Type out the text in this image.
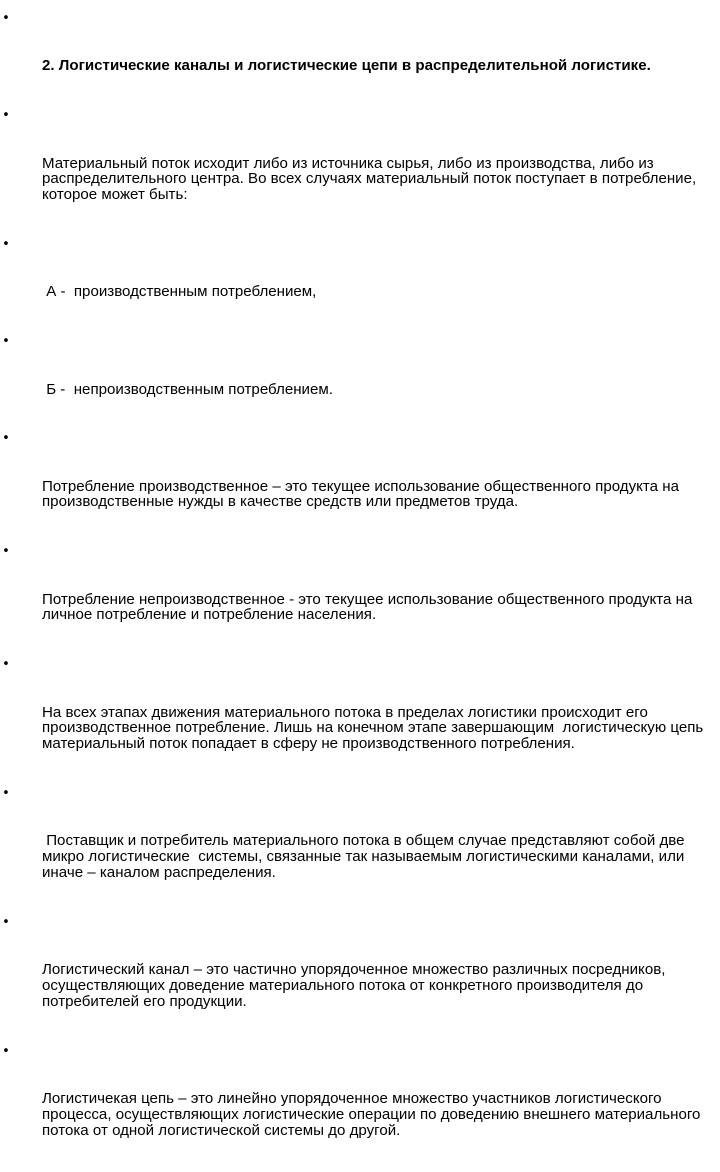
•

2. Логистические каналы и логистические цепи в распределительной логистике.

•

Материальный поток исходит либо из источника сырья, либо из производства, либо из распределительного центра. Во всех случаях материальный поток поступает в потребление, которое может быть:

•

А -  производственным потреблением,

•

Б -  непроизводственным потреблением.

•

Потребление производственное – это текущее использование общественного продукта на производственные нужды в качестве средств или предметов труда.

•

Потребление непроизводственное - это текущее использование общественного продукта на личное потребление и потребление населения.

•

На всех этапах движения материального потока в пределах логистики происходит его производственное потребление. Лишь на конечном этапе завершающим  логистическую цепь материальный поток попадает в сферу не производственного потребления.

•

Поставщик и потребитель материального потока в общем случае представляют собой две микро логистические  системы, связанные так называемым логистическими каналами, или иначе – каналом распределения.

•

Логистический канал – это частично упорядоченное множество различных посредников, осуществляющих доведение материального потока от конкретного производителя до  потребителей его продукции.

•

Логистичекая цепь – это линейно упорядоченное множество участников логистического процесса, осуществляющих логистические операции по доведению внешнего материального потока от одной логистической системы до другой.
